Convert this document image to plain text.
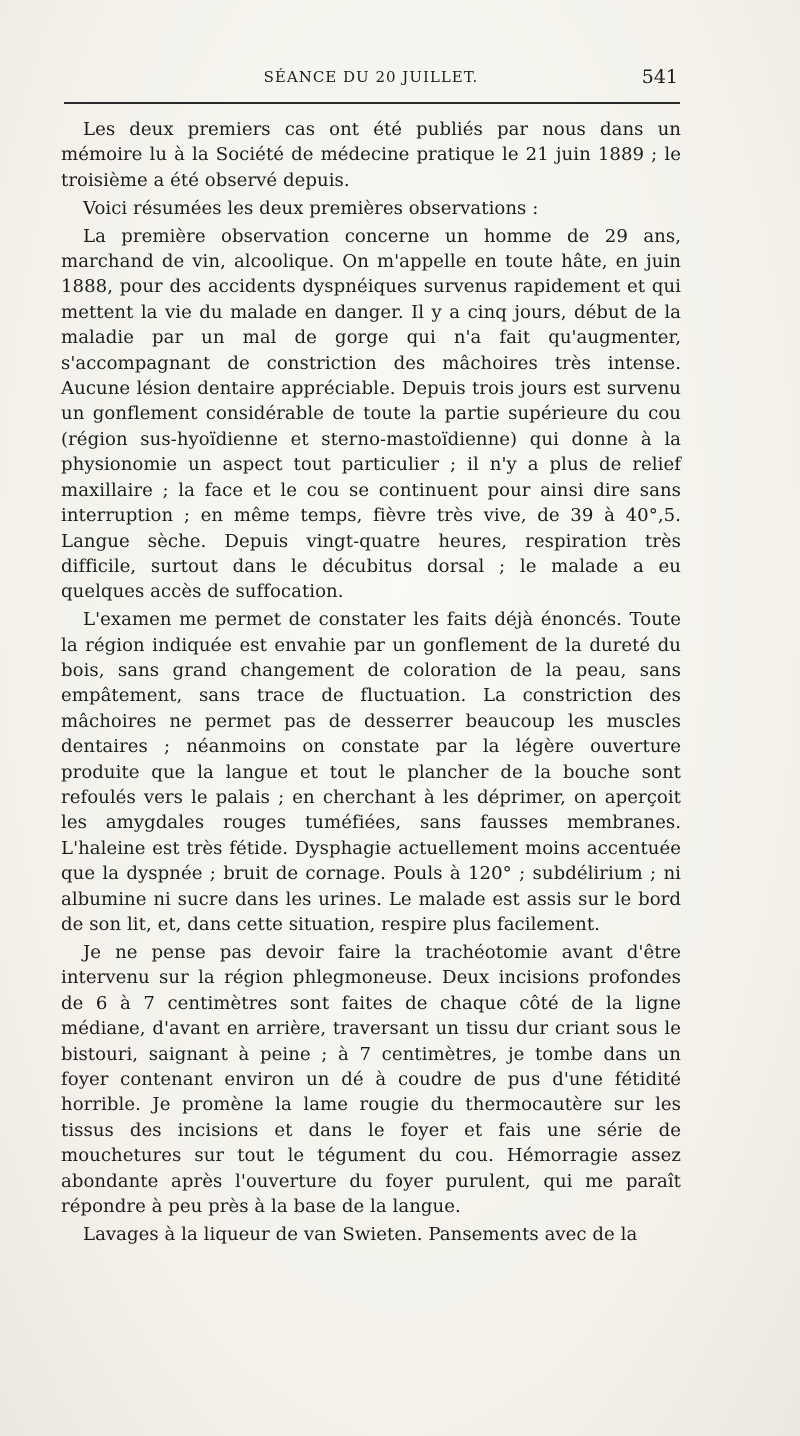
SÉANCE DU 20 JUILLET.	541

Les deux premiers cas ont été publiés par nous dans un mémoire lu à la Société de médecine pratique le 21 juin 1889 ; le troisième a été observé depuis.

Voici résumées les deux premières observations :

La première observation concerne un homme de 29 ans, marchand de vin, alcoolique. On m'appelle en toute hâte, en juin 1888, pour des accidents dyspnéiques survenus rapidement et qui mettent la vie du malade en danger. Il y a cinq jours, début de la maladie par un mal de gorge qui n'a fait qu'augmenter, s'accompagnant de constriction des mâchoires très intense. Aucune lésion dentaire appréciable. Depuis trois jours est survenu un gonflement considérable de toute la partie supérieure du cou (région sus-hyoïdienne et sterno-mastoïdienne) qui donne à la physionomie un aspect tout particulier ; il n'y a plus de relief maxillaire ; la face et le cou se continuent pour ainsi dire sans interruption ; en même temps, fièvre très vive, de 39 à 40°,5. Langue sèche. Depuis vingt-quatre heures, respiration très difficile, surtout dans le décubitus dorsal ; le malade a eu quelques accès de suffocation.

L'examen me permet de constater les faits déjà énoncés. Toute la région indiquée est envahie par un gonflement de la dureté du bois, sans grand changement de coloration de la peau, sans empâtement, sans trace de fluctuation. La constriction des mâchoires ne permet pas de desserrer beaucoup les muscles dentaires ; néanmoins on constate par la légère ouverture produite que la langue et tout le plancher de la bouche sont refoulés vers le palais ; en cherchant à les déprimer, on aperçoit les amygdales rouges tuméfiées, sans fausses membranes. L'haleine est très fétide. Dysphagie actuellement moins accentuée que la dyspnée ; bruit de cornage. Pouls à 120° ; subdélirium ; ni albumine ni sucre dans les urines. Le malade est assis sur le bord de son lit, et, dans cette situation, respire plus facilement.

Je ne pense pas devoir faire la trachéotomie avant d'être intervenu sur la région phlegmoneuse. Deux incisions profondes de 6 à 7 centimètres sont faites de chaque côté de la ligne médiane, d'avant en arrière, traversant un tissu dur criant sous le bistouri, saignant à peine ; à 7 centimètres, je tombe dans un foyer contenant environ un dé à coudre de pus d'une fétidité horrible. Je promène la lame rougie du thermocautère sur les tissus des incisions et dans le foyer et fais une série de mouchetures sur tout le tégument du cou. Hémorragie assez abondante après l'ouverture du foyer purulent, qui me paraît répondre à peu près à la base de la langue.

Lavages à la liqueur de van Swieten. Pansements avec de la
